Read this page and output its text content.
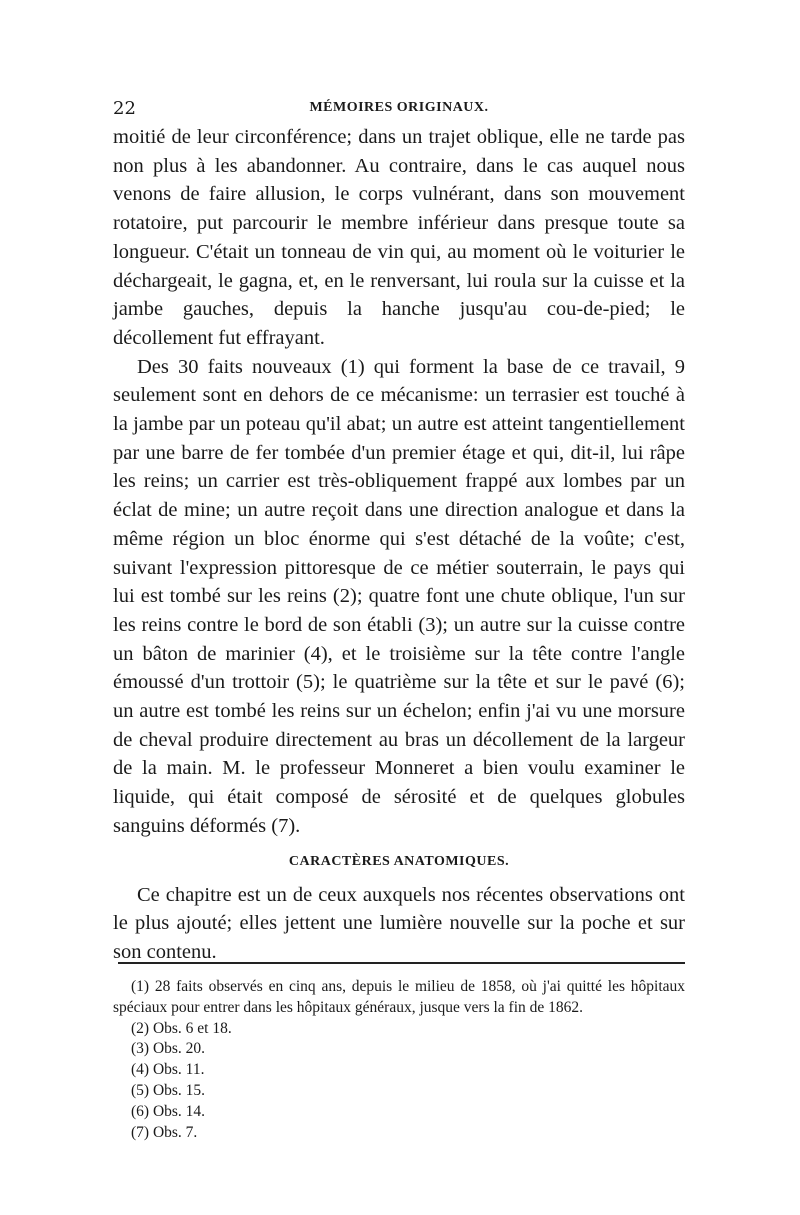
22	MÉMOIRES ORIGINAUX.

moitié de leur circonférence; dans un trajet oblique, elle ne tarde pas non plus à les abandonner. Au contraire, dans le cas auquel nous venons de faire allusion, le corps vulnérant, dans son mouvement rotatoire, put parcourir le membre inférieur dans presque toute sa longueur. C'était un tonneau de vin qui, au moment où le voiturier le déchargeait, le gagna, et, en le renversant, lui roula sur la cuisse et la jambe gauches, depuis la hanche jusqu'au cou-de-pied; le décollement fut effrayant.

Des 30 faits nouveaux (1) qui forment la base de ce travail, 9 seulement sont en dehors de ce mécanisme: un terrasier est touché à la jambe par un poteau qu'il abat; un autre est atteint tangentiellement par une barre de fer tombée d'un premier étage et qui, dit-il, lui râpe les reins; un carrier est très-obliquement frappé aux lombes par un éclat de mine; un autre reçoit dans une direction analogue et dans la même région un bloc énorme qui s'est détaché de la voûte; c'est, suivant l'expression pittoresque de ce métier souterrain, le pays qui lui est tombé sur les reins (2); quatre font une chute oblique, l'un sur les reins contre le bord de son établi (3); un autre sur la cuisse contre un bâton de marinier (4), et le troisième sur la tête contre l'angle émoussé d'un trottoir (5); le quatrième sur la tête et sur le pavé (6); un autre est tombé les reins sur un échelon; enfin j'ai vu une morsure de cheval produire directement au bras un décollement de la largeur de la main. M. le professeur Monneret a bien voulu examiner le liquide, qui était composé de sérosité et de quelques globules sanguins déformés (7).

CARACTÈRES ANATOMIQUES.

Ce chapitre est un de ceux auxquels nos récentes observations ont le plus ajouté; elles jettent une lumière nouvelle sur la poche et sur son contenu.

(1) 28 faits observés en cinq ans, depuis le milieu de 1858, où j'ai quitté les hôpitaux spéciaux pour entrer dans les hôpitaux généraux, jusque vers la fin de 1862.

(2) Obs. 6 et 18.

(3) Obs. 20.

(4) Obs. 11.

(5) Obs. 15.

(6) Obs. 14.

(7) Obs. 7.
